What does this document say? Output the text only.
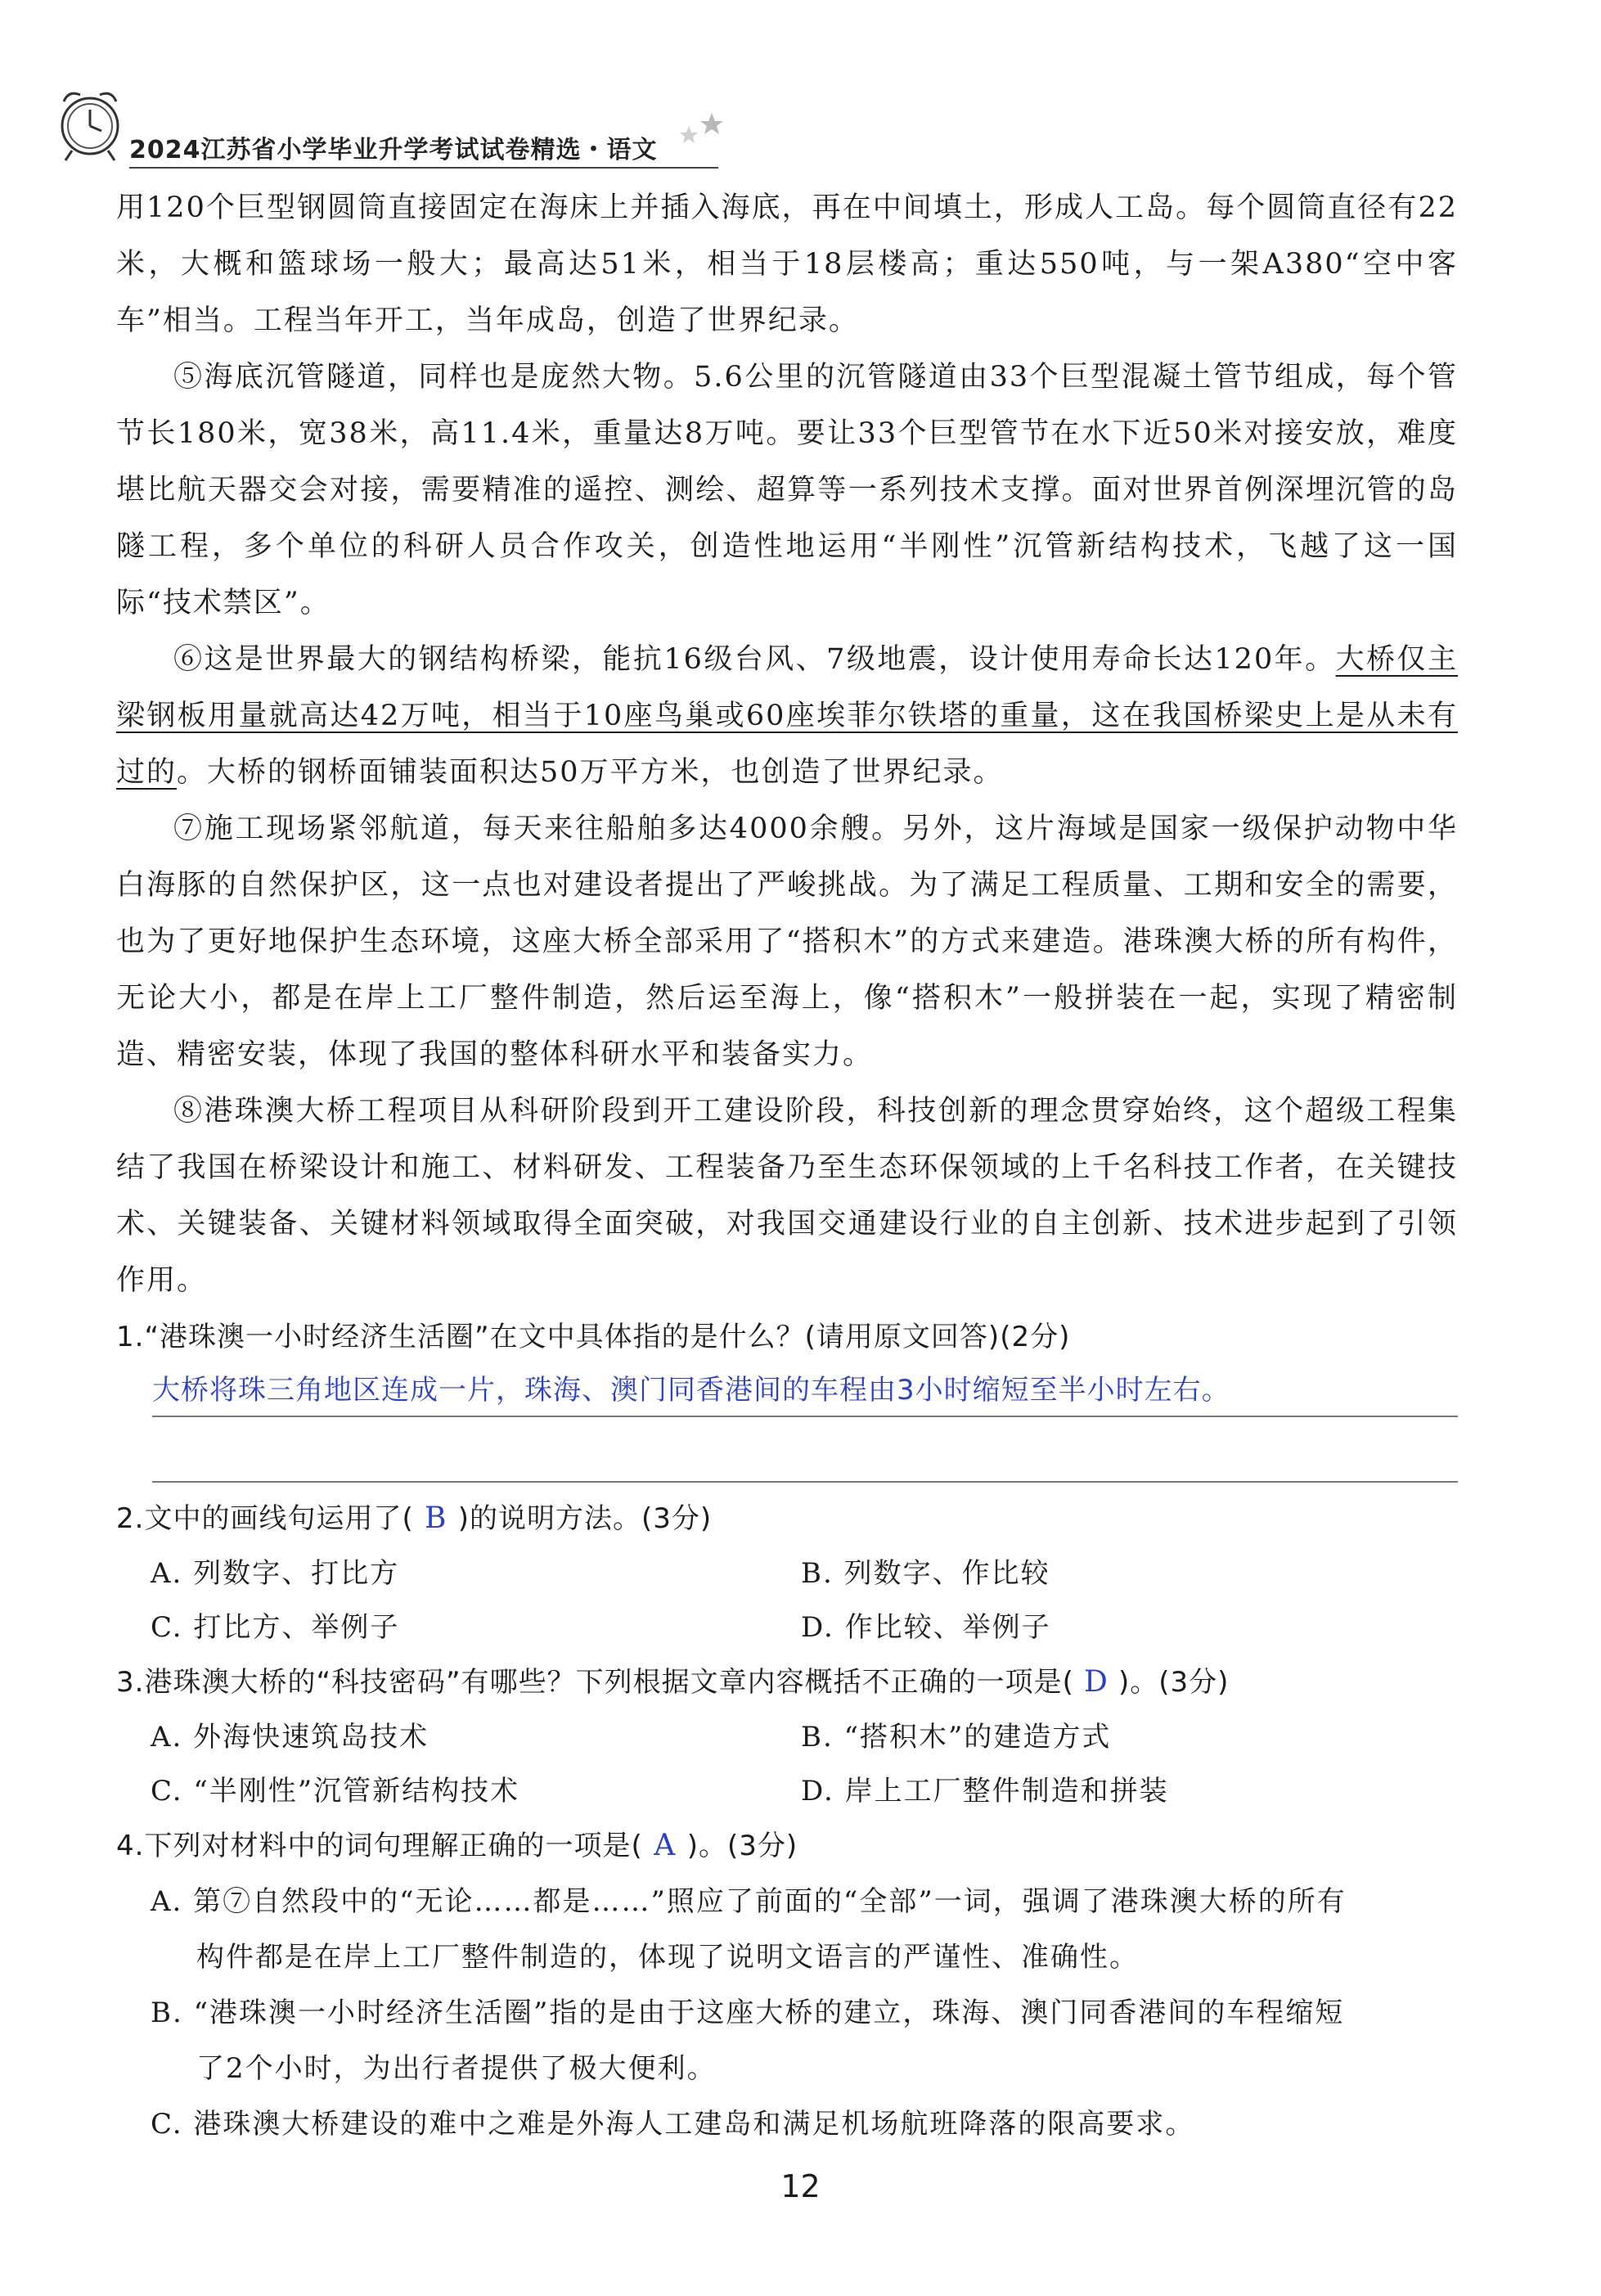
2024江苏省小学毕业升学考试试卷精选・语文

用120个巨型钢圆筒直接固定在海床上并插入海底，再在中间填土，形成人工岛。每个圆筒直径有22米，大概和篮球场一般大；最高达51米，相当于18层楼高；重达550吨，与一架A380“空中客车”相当。工程当年开工，当年成岛，创造了世界纪录。

⑤海底沉管隧道，同样也是庞然大物。5.6公里的沉管隧道由33个巨型混凝土管节组成，每个管节长180米，宽38米，高11.4米，重量达8万吨。要让33个巨型管节在水下近50米对接安放，难度堪比航天器交会对接，需要精准的遥控、测绘、超算等一系列技术支撑。面对世界首例深埋沉管的岛隧工程，多个单位的科研人员合作攻关，创造性地运用“半刚性”沉管新结构技术，飞越了这一国际“技术禁区”。

⑥这是世界最大的钢结构桥梁，能抗16级台风、7级地震，设计使用寿命长达120年。大桥仅主梁钢板用量就高达42万吨，相当于10座鸟巢或60座埃菲尔铁塔的重量，这在我国桥梁史上是从未有过的。大桥的钢桥面铺装面积达50万平方米，也创造了世界纪录。

⑦施工现场紧邻航道，每天来往船舶多达4000余艘。另外，这片海域是国家一级保护动物中华白海豚的自然保护区，这一点也对建设者提出了严峻挑战。为了满足工程质量、工期和安全的需要，也为了更好地保护生态环境，这座大桥全部采用了“搭积木”的方式来建造。港珠澳大桥的所有构件，无论大小，都是在岸上工厂整件制造，然后运至海上，像“搭积木”一般拼装在一起，实现了精密制造、精密安装，体现了我国的整体科研水平和装备实力。

⑧港珠澳大桥工程项目从科研阶段到开工建设阶段，科技创新的理念贯穿始终，这个超级工程集结了我国在桥梁设计和施工、材料研发、工程装备乃至生态环保领域的上千名科技工作者，在关键技术、关键装备、关键材料领域取得全面突破，对我国交通建设行业的自主创新、技术进步起到了引领作用。

1.“港珠澳一小时经济生活圈”在文中具体指的是什么？(请用原文回答)(2分)

大桥将珠三角地区连成一片，珠海、澳门同香港间的车程由3小时缩短至半小时左右。

2.文中的画线句运用了( B )的说明方法。(3分)

A. 列数字、打比方	B. 列数字、作比较
C. 打比方、举例子	D. 作比较、举例子

3.港珠澳大桥的“科技密码”有哪些？下列根据文章内容概括不正确的一项是( D )。(3分)

A. 外海快速筑岛技术	B. “搭积木”的建造方式
C. “半刚性”沉管新结构技术	D. 岸上工厂整件制造和拼装

4.下列对材料中的词句理解正确的一项是( A )。(3分)

A. 第⑦自然段中的“无论……都是……”照应了前面的“全部”一词，强调了港珠澳大桥的所有
构件都是在岸上工厂整件制造的，体现了说明文语言的严谨性、准确性。

B. “港珠澳一小时经济生活圈”指的是由于这座大桥的建立，珠海、澳门同香港间的车程缩短
了2个小时，为出行者提供了极大便利。

C. 港珠澳大桥建设的难中之难是外海人工建岛和满足机场航班降落的限高要求。

12
